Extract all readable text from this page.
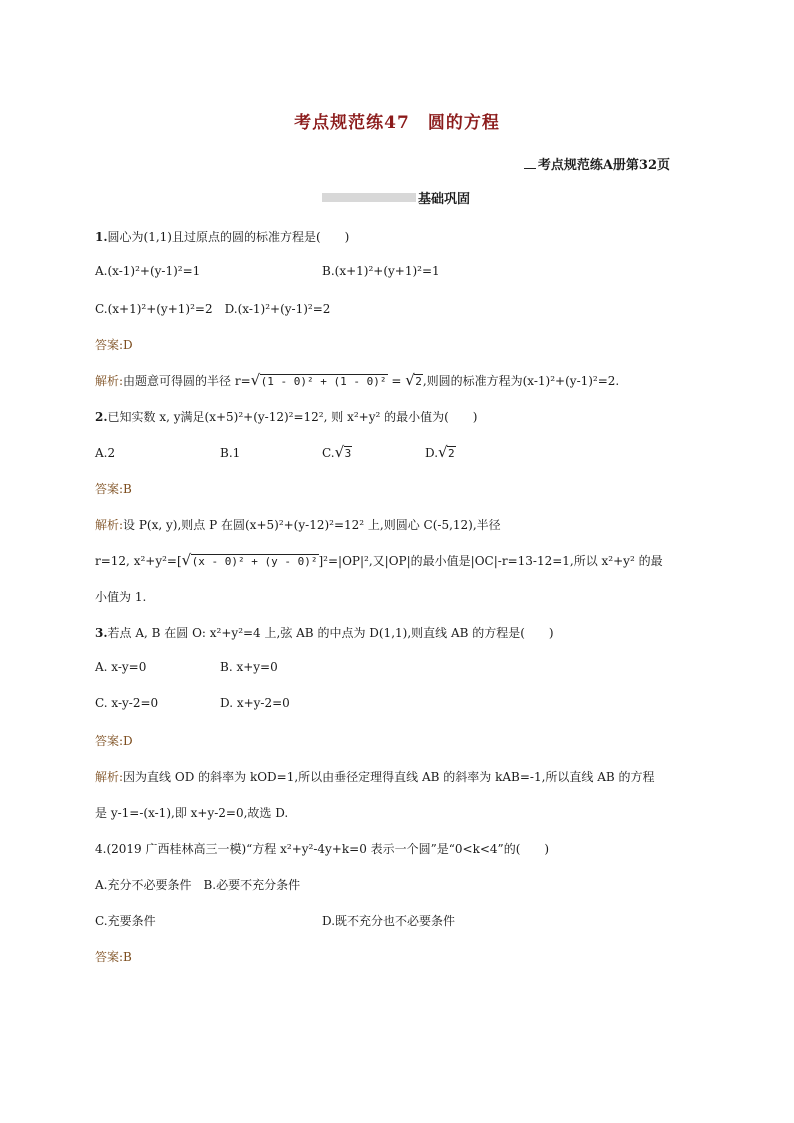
考点规范练47　圆的方程
考点规范练A册第32页
基础巩固
1.圆心为(1,1)且过原点的圆的标准方程是(　　)
A.(x-1)²+(y-1)²=1	B.(x+1)²+(y+1)²=1
C.(x+1)²+(y+1)²=2　D.(x-1)²+(y-1)²=2
答案:D
解析:由题意可得圆的半径 r= √ (1 - 0)² + (1 - 0)² = √ 2,则圆的标准方程为(x-1)²+(y-1)²=2.
2.已知实数 x, y满足(x+5)²+(y-12)²=12², 则 x²+y² 的最小值为(　　)
A.2	B.1	C. √ 3	D. √ 2
答案:B
解析:设 P(x, y),则点 P 在圆(x+5)²+(y-12)²=12² 上,则圆心 C(-5,12),半径
r=12, x²+y²=[ √ (x - 0)² + (y - 0)²]²=|OP|²,又|OP|的最小值是|OC|-r=13-12=1,所以 x²+y² 的最
小值为 1.
3.若点 A, B 在圆 O: x²+y²=4 上,弦 AB 的中点为 D(1,1),则直线 AB 的方程是(　　)
A. x-y=0	B. x+y=0
C. x-y-2=0	D. x+y-2=0
答案:D
解析:因为直线 OD 的斜率为 kOD=1,所以由垂径定理得直线 AB 的斜率为 kAB=-1,所以直线 AB 的方程
是 y-1=-(x-1),即 x+y-2=0,故选 D.
4.(2019 广西桂林高三一模)“方程 x²+y²-4y+k=0 表示一个圆”是“0<k<4”的(　　)
A.充分不必要条件　B.必要不充分条件
C.充要条件	D.既不充分也不必要条件
答案:B
